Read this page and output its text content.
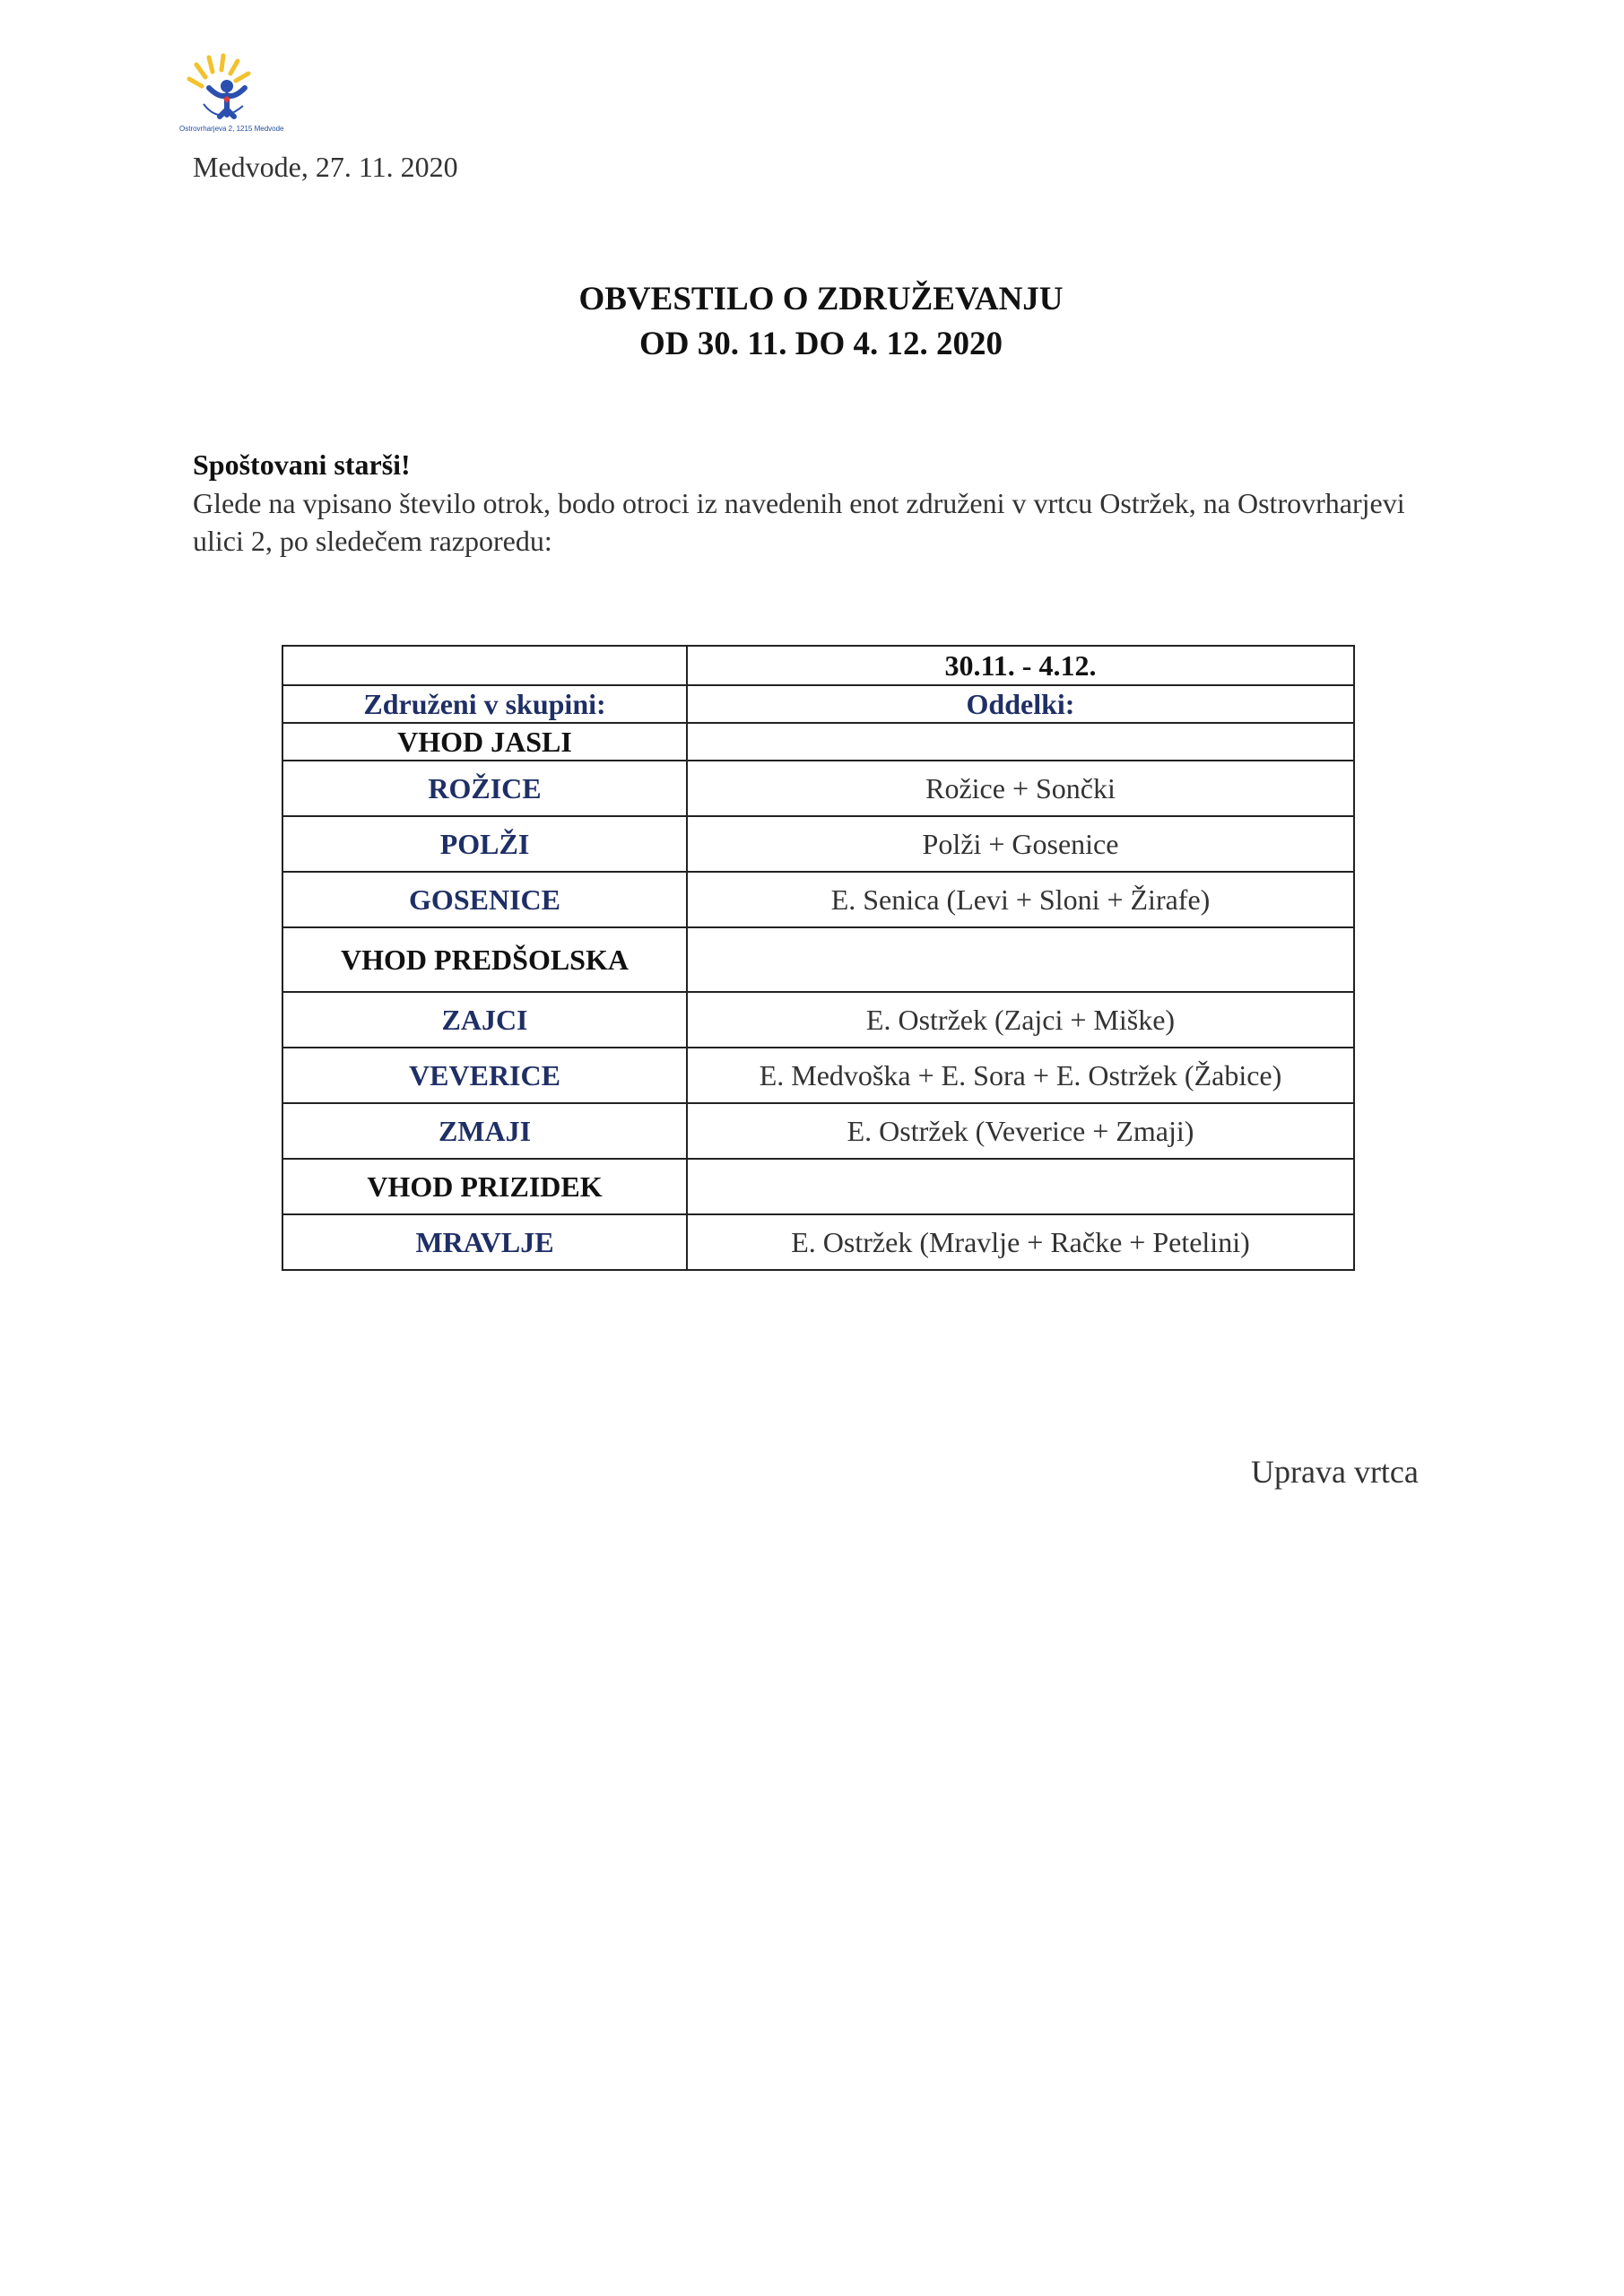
Ostrovrharjeva 2, 1215 Medvode
Medvode, 27. 11. 2020
OBVESTILO O ZDRUŽEVANJU
OD 30. 11. DO 4. 12. 2020
Spoštovani starši!
Glede na vpisano število otrok, bodo otroci iz navedenih enot združeni v vrtcu Ostržek, na Ostrovrharjevi ulici 2, po sledečem razporedu:
	30.11. - 4.12.
Združeni v skupini:	Oddelki:
VHOD JASLI	
ROŽICE	Rožice + Sončki
POLŽI	Polži + Gosenice
GOSENICE	E. Senica (Levi + Sloni + Žirafe)
VHOD PREDŠOLSKA	
ZAJCI	E. Ostržek (Zajci + Miške)
VEVERICE	E. Medvoška + E. Sora + E. Ostržek (Žabice)
ZMAJI	E. Ostržek (Veverice + Zmaji)
VHOD PRIZIDEK	
MRAVLJE	E. Ostržek (Mravlje + Račke + Petelini)
Uprava vrtca
